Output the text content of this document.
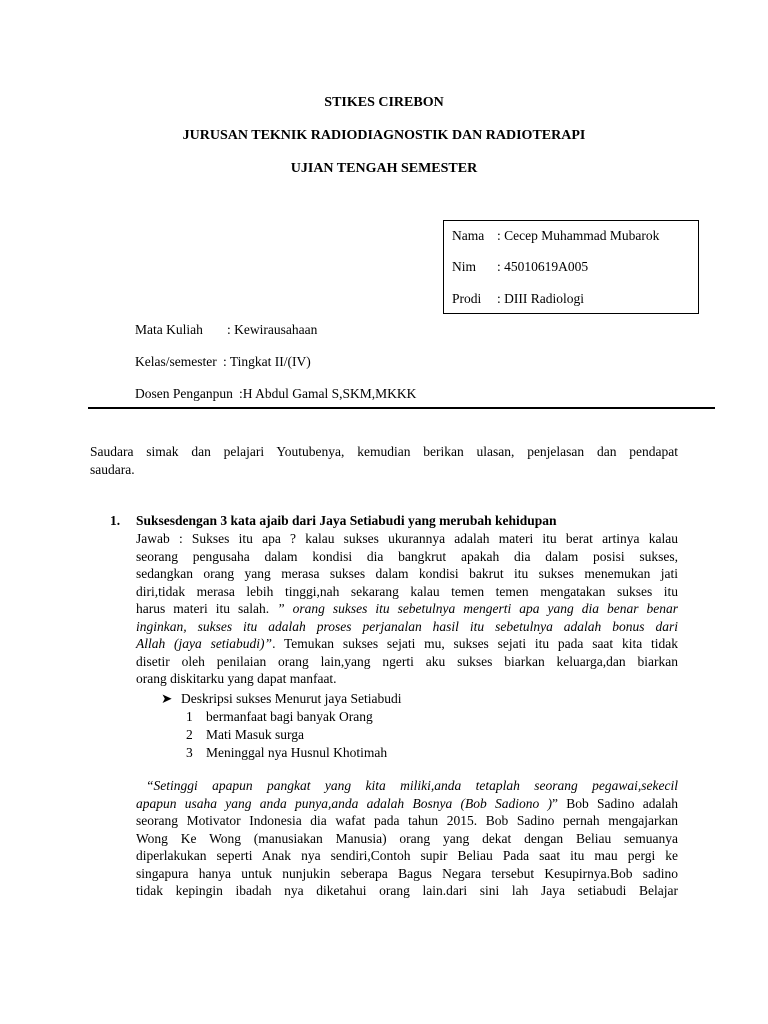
STIKES CIREBON
JURUSAN TEKNIK RADIODIAGNOSTIK DAN RADIOTERAPI
UJIAN TENGAH SEMESTER
Nama : Cecep Muhammad Mubarok
Nim : 45010619A005
Prodi : DIII Radiologi
Mata Kuliah : Kewirausahaan
Kelas/semester : Tingkat II/(IV)
Dosen Penganpun :H Abdul Gamal S,SKM,MKKK
Saudara simak dan pelajari Youtubenya, kemudian berikan ulasan, penjelasan dan pendapat
saudara.
1. Suksesdengan 3 kata ajaib dari Jaya Setiabudi yang merubah kehidupan
Jawab : Sukses itu apa ? kalau sukses ukurannya adalah materi itu berat artinya kalau
seorang pengusaha dalam kondisi dia bangkrut apakah dia dalam posisi sukses,
sedangkan orang yang merasa sukses dalam kondisi bakrut itu sukses menemukan jati
diri,tidak merasa lebih tinggi,nah sekarang kalau temen temen mengatakan sukses itu
harus materi itu salah. ” orang sukses itu sebetulnya mengerti apa yang dia benar benar
inginkan, sukses itu adalah proses perjanalan hasil itu sebetulnya adalah bonus dari
Allah (jaya setiabudi)”. Temukan sukses sejati mu, sukses sejati itu pada saat kita tidak
disetir oleh penilaian orang lain,yang ngerti aku sukses biarkan keluarga,dan biarkan
orang diskitarku yang dapat manfaat.
➤ Deskripsi sukses Menurut jaya Setiabudi
1 bermanfaat bagi banyak Orang
2 Mati Masuk surga
3 Meninggal nya Husnul Khotimah
“Setinggi apapun pangkat yang kita miliki,anda tetaplah seorang pegawai,sekecil
apapun usaha yang anda punya,anda adalah Bosnya (Bob Sadiono )” Bob Sadino adalah
seorang Motivator Indonesia dia wafat pada tahun 2015. Bob Sadino pernah mengajarkan
Wong Ke Wong (manusiakan Manusia) orang yang dekat dengan Beliau semuanya
diperlakukan seperti Anak nya sendiri,Contoh supir Beliau Pada saat itu mau pergi ke
singapura hanya untuk nunjukin seberapa Bagus Negara tersebut Kesupirnya.Bob sadino
tidak kepingin ibadah nya diketahui orang lain.dari sini lah Jaya setiabudi Belajar
